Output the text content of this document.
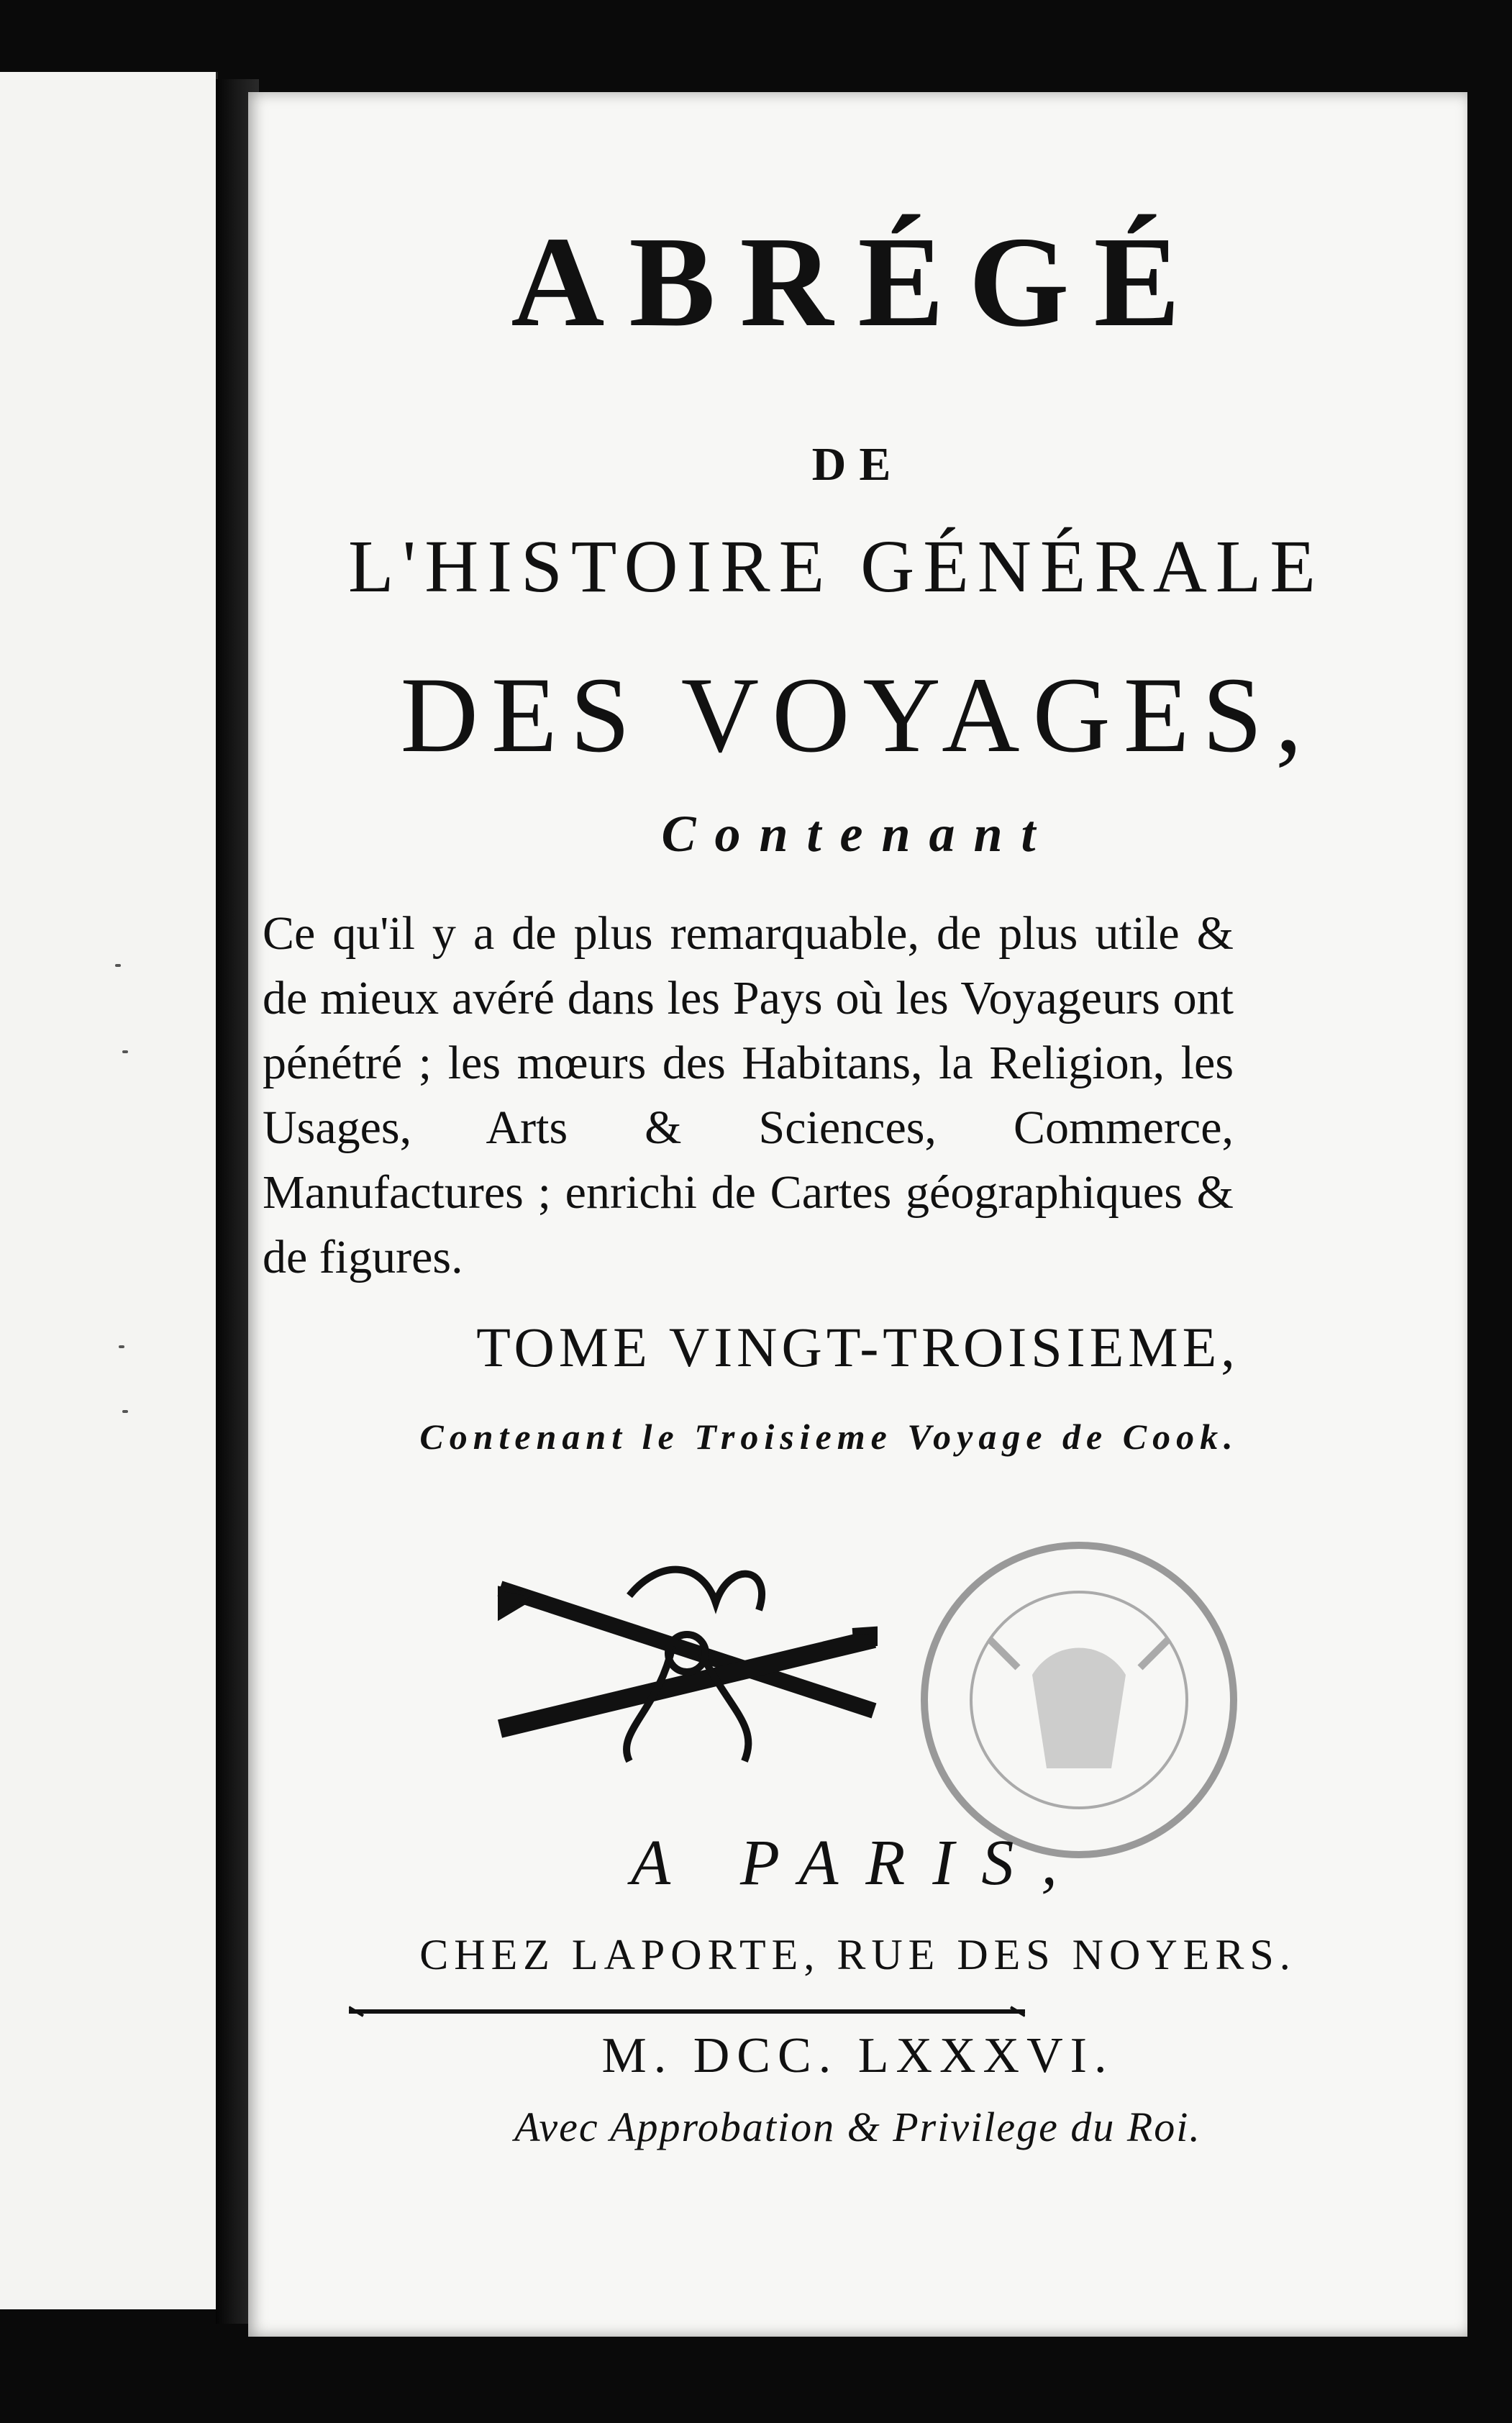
ABRÉGÉ
DE
L'HISTOIRE GÉNÉRALE
DES VOYAGES,
Contenant
Ce qu'il y a de plus remarquable, de plus utile & de mieux avéré dans les Pays où les Voyageurs ont pénétré ; les mœurs des Habitans, la Religion, les Usages, Arts & Sciences, Commerce, Manufactures ; enrichi de Cartes géographiques & de figures.
TOME VINGT-TROISIEME,
Contenant le Troisieme Voyage de Cook.
A PARIS,
CHEZ LAPORTE, RUE DES NOYERS.
M. DCC. LXXXVI.
Avec Approbation & Privilege du Roi.
